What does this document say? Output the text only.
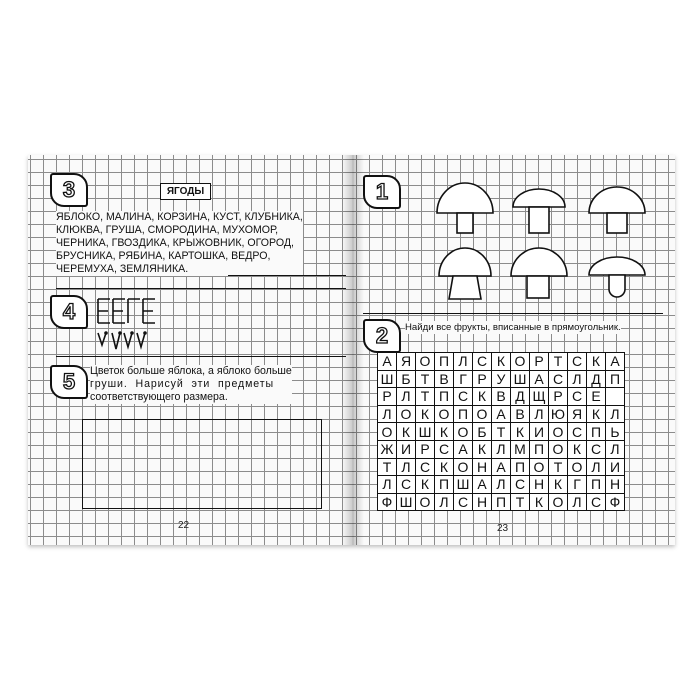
3	ЯГОДЫ
ЯБЛОКО, МАЛИНА, КОРЗИНА, КУСТ, КЛУБНИКА,
КЛЮКВА, ГРУША, СМОРОДИНА, МУХОМОР,
ЧЕРНИКА, ГВОЗДИКА, КРЫЖОВНИК, ОГОРОД,
БРУСНИКА, РЯБИНА, КАРТОШКА, ВЕДРО,
ЧЕРЕМУХА, ЗЕМЛЯНИКА.
4
5 Цветок больше яблока, а яблоко больше
груши. Нарисуй эти предметы
соответствующего размера.
22
1
2 Найди все фрукты, вписанные в прямоугольник.
А	Я	О	П	Л	С	К	О	Р	Т	С	К	А
Ш	Б	Т	В	Г	Р	У	Ш	А	С	Л	Д	П
Р	Л	Т	П	С	К	В	Д	Щ	Р	С	Е	
Л	О	К	О	П	О	А	В	Л	Ю	Я	К	Л
О	К	Ш	К	О	Б	Т	К	И	О	С	П	Ь
Ж	И	Р	С	А	К	Л	М	П	О	К	С	Л
Т	Л	С	К	О	Н	А	П	О	Т	О	Л	И
Л	С	К	П	Ш	А	Л	С	Н	К	Г	П	Н
Ф	Ш	О	Л	С	Н	П	Т	К	О	Л	С	Ф
23
